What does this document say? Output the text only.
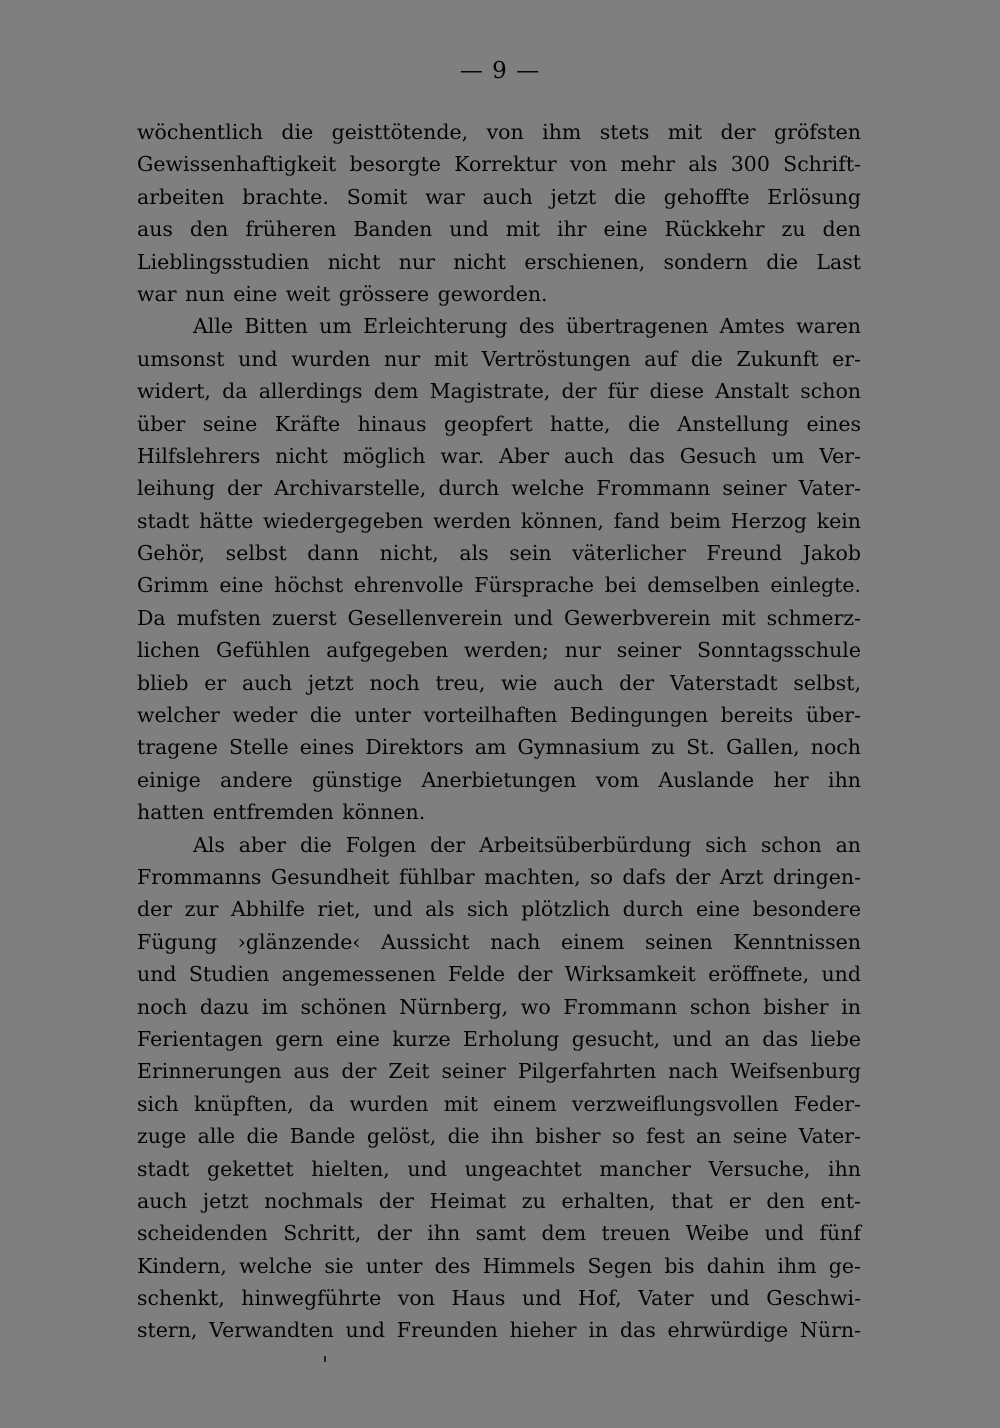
— 9 —
wöchentlich die geisttötende, von ihm stets mit der gröfsten
Gewissenhaftigkeit besorgte Korrektur von mehr als 300 Schrift-
arbeiten brachte. Somit war auch jetzt die gehoffte Erlösung
aus den früheren Banden und mit ihr eine Rückkehr zu den
Lieblingsstudien nicht nur nicht erschienen, sondern die Last
war nun eine weit grössere geworden.
Alle Bitten um Erleichterung des übertragenen Amtes waren
umsonst und wurden nur mit Vertröstungen auf die Zukunft er-
widert, da allerdings dem Magistrate, der für diese Anstalt schon
über seine Kräfte hinaus geopfert hatte, die Anstellung eines
Hilfslehrers nicht möglich war. Aber auch das Gesuch um Ver-
leihung der Archivarstelle, durch welche Frommann seiner Vater-
stadt hätte wiedergegeben werden können, fand beim Herzog kein
Gehör, selbst dann nicht, als sein väterlicher Freund Jakob
Grimm eine höchst ehrenvolle Fürsprache bei demselben einlegte.
Da mufsten zuerst Gesellenverein und Gewerbverein mit schmerz-
lichen Gefühlen aufgegeben werden; nur seiner Sonntagsschule
blieb er auch jetzt noch treu, wie auch der Vaterstadt selbst,
welcher weder die unter vorteilhaften Bedingungen bereits über-
tragene Stelle eines Direktors am Gymnasium zu St. Gallen, noch
einige andere günstige Anerbietungen vom Auslande her ihn
hatten entfremden können.
Als aber die Folgen der Arbeitsüberbürdung sich schon an
Frommanns Gesundheit fühlbar machten, so dafs der Arzt dringen-
der zur Abhilfe riet, und als sich plötzlich durch eine besondere
Fügung ›glänzende‹ Aussicht nach einem seinen Kenntnissen
und Studien angemessenen Felde der Wirksamkeit eröffnete, und
noch dazu im schönen Nürnberg, wo Frommann schon bisher in
Ferientagen gern eine kurze Erholung gesucht, und an das liebe
Erinnerungen aus der Zeit seiner Pilgerfahrten nach Weifsenburg
sich knüpften, da wurden mit einem verzweiflungsvollen Feder-
zuge alle die Bande gelöst, die ihn bisher so fest an seine Vater-
stadt gekettet hielten, und ungeachtet mancher Versuche, ihn
auch jetzt nochmals der Heimat zu erhalten, that er den ent-
scheidenden Schritt, der ihn samt dem treuen Weibe und fünf
Kindern, welche sie unter des Himmels Segen bis dahin ihm ge-
schenkt, hinwegführte von Haus und Hof, Vater und Geschwi-
stern, Verwandten und Freunden hieher in das ehrwürdige Nürn-
